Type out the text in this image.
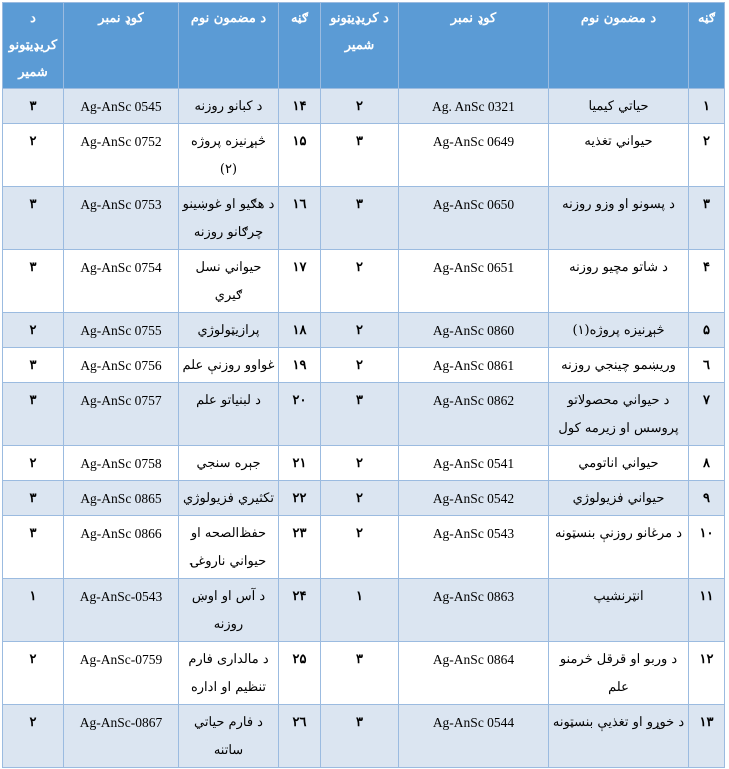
ګڼه	د مضمون نوم	کوډ نمبر	د کریډیټونو شمیر	ګڼه	د مضمون نوم	کوډ نمبر	د کریډیټونو شمیر
١	حیاتي کیمیا	Ag. AnSc 0321	٢	١۴	د کبانو روزنه	Ag-AnSc 0545	٣
٢	حیواني تغذیه	Ag-AnSc 0649	٣	١۵	څېړنیزه پروژه (٢)	Ag-AnSc 0752	٢
٣	د پسونو او وزو روزنه	Ag-AnSc 0650	٣	١٦	د هګیو او غوښینو چرګانو روزنه	Ag-AnSc 0753	٣
۴	د شاتو مچیو روزنه	Ag-AnSc 0651	٢	١٧	حیواني نسل ګیري	Ag-AnSc 0754	٣
۵	څېړنیزه پروژه(١)	Ag-AnSc 0860	٢	١٨	پرازیټولوژي	Ag-AnSc 0755	٢
٦	وریښمو چینجي روزنه	Ag-AnSc 0861	٢	١٩	غواوو روزنې علم	Ag-AnSc 0756	٣
٧	د حیواني محصولاتو پروسس او زیرمه کول	Ag-AnSc 0862	٣	٢٠	د لبنیاتو علم	Ag-AnSc 0757	٣
٨	حیواني اناتومي	Ag-AnSc 0541	٢	٢١	جېره سنجي	Ag-AnSc 0758	٢
٩	حیواني فزیولوژي	Ag-AnSc 0542	٢	٢٢	تکثیري فزیولوژي	Ag-AnSc 0865	٣
١٠	د مرغانو روزنې بنسټونه	Ag-AnSc 0543	٢	٢٣	حفظ‌الصحه او حیواني ناروغۍ	Ag-AnSc 0866	٣
١١	انټرنشیپ	Ag-AnSc 0863	١	٢۴	د آس او اوښ روزنه	Ag-AnSc-0543	١
١٢	د وربو او قرقل څرمنو علم	Ag-AnSc 0864	٣	٢۵	د مالداری فارم تنظیم او اداره	Ag-AnSc-0759	٢
١٣	د خوړو او تغذیې بنسټونه	Ag-AnSc 0544	٣	٢٦	د فارم حیاتي ساتنه	Ag-AnSc-0867	٢
